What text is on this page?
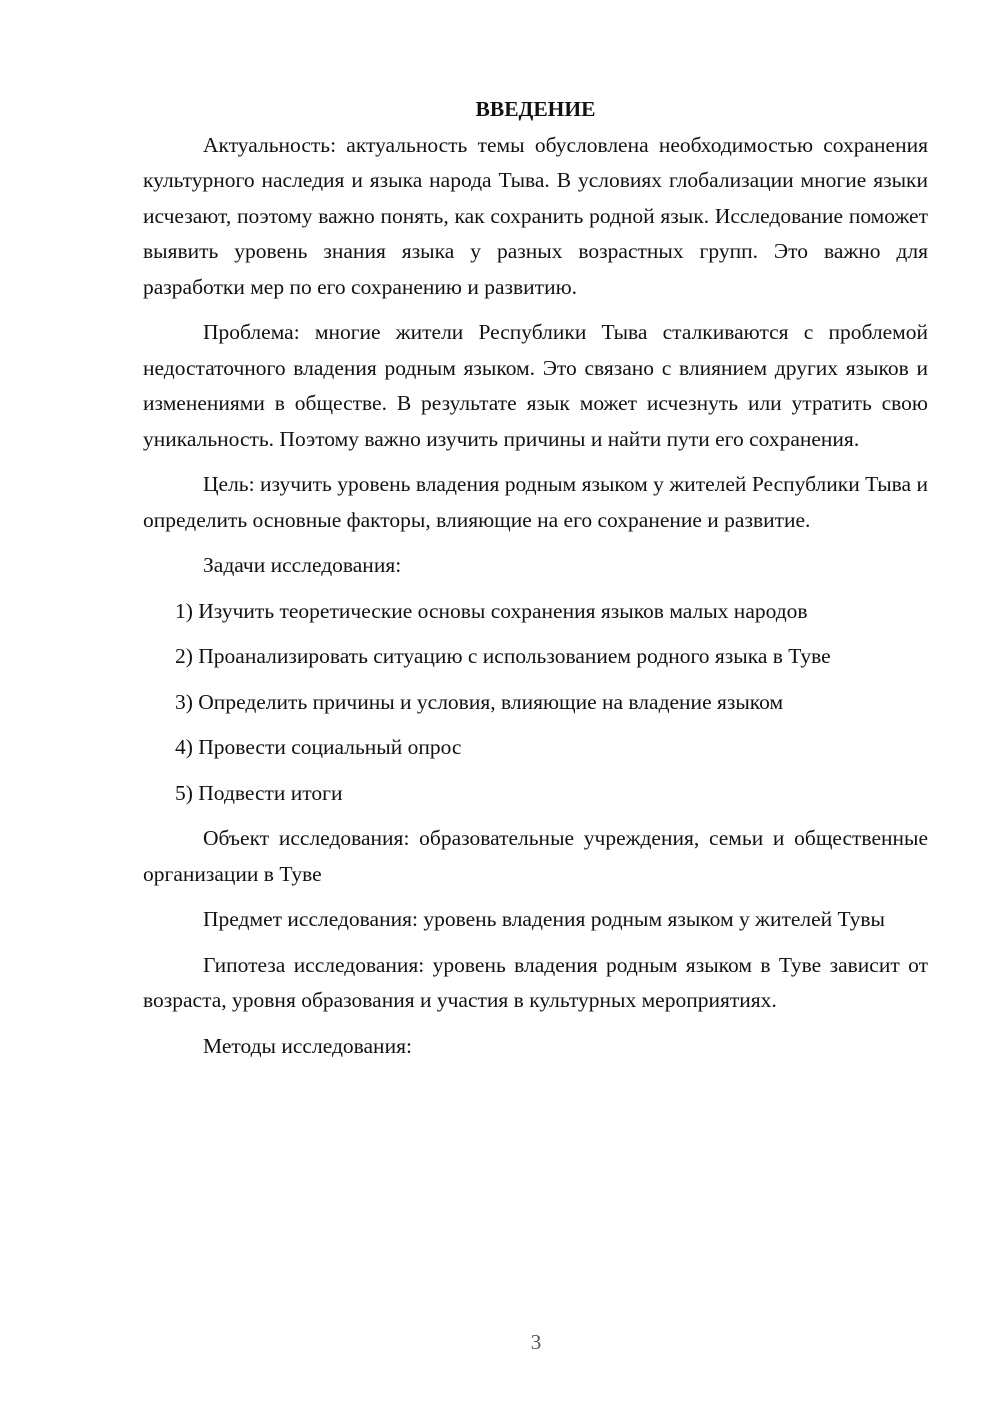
ВВЕДЕНИЕ

Актуальность: актуальность темы обусловлена необходимостью сохранения культурного наследия и языка народа Тыва. В условиях глобализации многие языки исчезают, поэтому важно понять, как сохранить родной язык. Исследование поможет выявить уровень знания языка у разных возрастных групп. Это важно для разработки мер по его сохранению и развитию.

Проблема: многие жители Республики Тыва сталкиваются с проблемой недостаточного владения родным языком. Это связано с влиянием других языков и изменениями в обществе. В результате язык может исчезнуть или утратить свою уникальность. Поэтому важно изучить причины и найти пути его сохранения.

Цель: изучить уровень владения родным языком у жителей Республики Тыва и определить основные факторы, влияющие на его сохранение и развитие.

Задачи исследования:

1) Изучить теоретические основы сохранения языков малых народов

2) Проанализировать ситуацию с использованием родного языка в Туве

3) Определить причины и условия, влияющие на владение языком

4) Провести социальный опрос

5) Подвести итоги

Объект исследования: образовательные учреждения, семьи и общественные организации в Туве

Предмет исследования: уровень владения родным языком у жителей Тувы

Гипотеза исследования: уровень владения родным языком в Туве зависит от возраста, уровня образования и участия в культурных мероприятиях.

Методы исследования:

3
